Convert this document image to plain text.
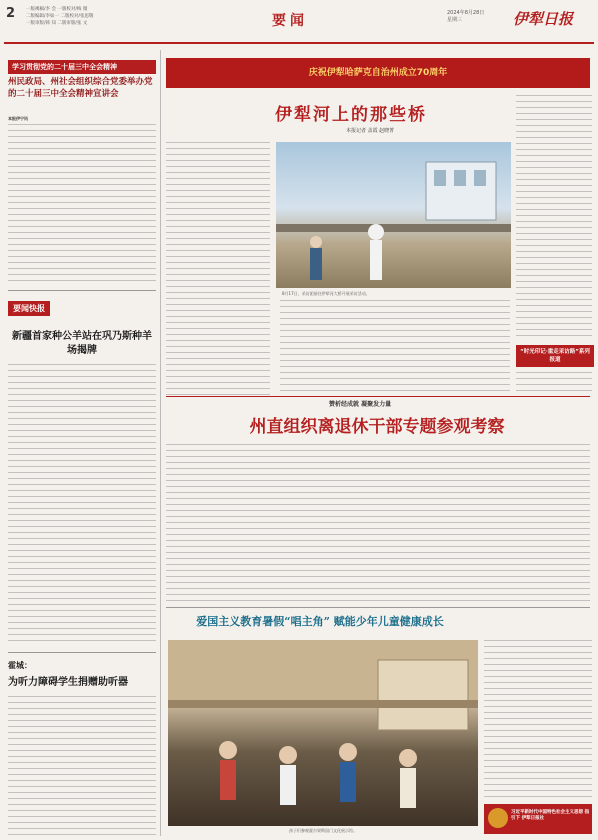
2 一版褐稿/李 会 一版校对/梅 微
二版编辑/李如一 二版校对/张思敬
一版审版/韩 知 二版审版/张 文	要闻	2024年8月28日
星期三	伊犁日报
学习贯彻党的二十届三中全会精神
州民政局、州社会组织综合党委举办党的二十届三中全会精神宣讲会
本报伊宁讯
要闻快报
新疆首家种公羊站在巩乃斯种羊场揭牌
霍城：
为听力障碍学生捐赠助听器
庆祝伊犁哈萨克自治州成立70周年
伊犁河上的那些桥
本报记者 盖霞 赵晓菁
8月17日，采访团前往伊犁河大桥开展采访活动。
“时光印记·重走采访路”系列报道
赞析经成就 凝聚发力量
州直组织离退休干部专题参观考察
爱国主义教育暑假“唱主角” 赋能少年儿童健康成长
孩子们参观霍尔果斯国门文化展示馆。
习近平新时代中国特色社会主义思想 指引下 伊犁日报社
